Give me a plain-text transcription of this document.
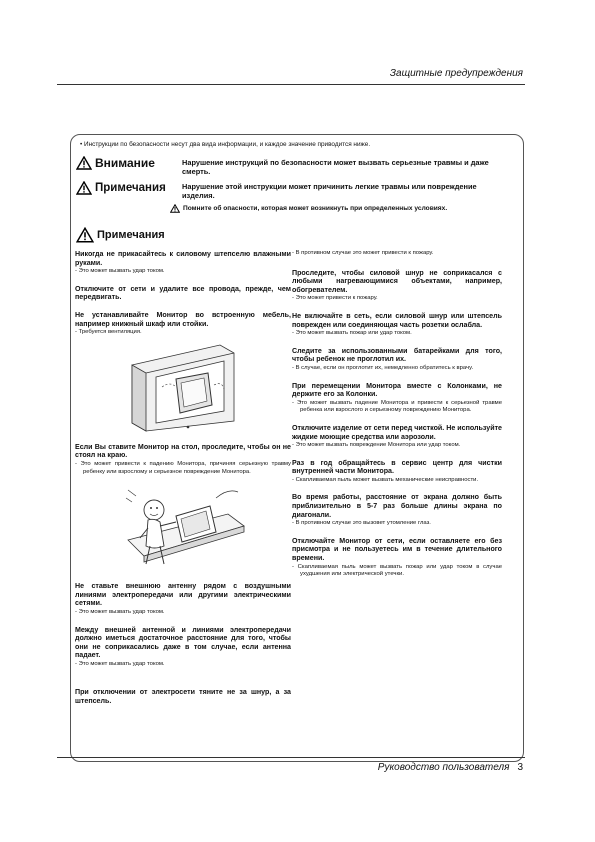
Защитные предупреждения
• Инструкции по безопасности несут два вида информации, и каждое значение приводится ниже.
Внимание	Нарушение инструкций по безопасности может вызвать серьезные травмы и даже смерть.
Примечания Нарушение этой инструкции может причинить легкие травмы или повреждение изделия.
Помните об опасности, которая может возникнуть при определенных условиях.
Примечания
Никогда не прикасайтесь к силовому штепселю влажными руками.

- Это может вызвать удар током.

Отключите от сети и удалите все провода, прежде, чем передвигать.
Не устанавливайте Монитор во встроенную мебель, например книжный шкаф или стойки.

- Требуется вентиляция.

Если Вы ставите Монитор на стол, проследите, чтобы он не стоял на краю.

- Это может привести к падению Монитора, причиняя серьезную травму ребенку или взрослому и серьезное повреждение Монитора.

Не ставьте внешнюю антенну рядом с воздушными линиями электропередачи или другими электрическими сетями.

- Это может вызвать удар током.

Между внешней антенной и линиями электропередачи должно иметься достаточное расстояние для того, чтобы они не соприкасались даже в том случае, если антенна падает.

- Это может вызвать удар током.

При отключении от электросети тяните не за шнур, а за штепсель.

- В противном случае это может привести к пожару.

Проследите, чтобы силовой шнур не соприкасался с любыми нагревающимися объектами, например, обогревателем.

- Это может привести к пожару.

Не включайте в сеть, если силовой шнур или штепсель поврежден или соединяющая часть розетки ослабла.

- Это может вызвать пожар или удар током.

Следите за использованными батарейками для того, чтобы ребенок не проглотил их.

- В случае, если он проглотит их, немедленно обратитесь к врачу.

При перемещении Монитора вместе с Колонками, не держите его за Колонки.

- Это может вызвать падение Монитора и привести к серьезной травме ребенка или взрослого и серьезному повреждению Монитора.

Отключите изделие от сети перед чисткой. Не используйте жидкие моющие средства или аэрозоли.

- Это может вызвать повреждение Монитора или удар током.

Раз в год обращайтесь в сервис центр для чистки внутренней части Монитора.

- Скапливаемая пыль может вызвать механические неисправности.

Во время работы, расстояние от экрана должно быть приблизительно в 5-7 раз больше длины экрана по диагонали.

- В противном случае это вызовет утомление глаз.

Отключайте Монитор от сети, если оставляете его без присмотра и не пользуетесь им в течение длительного времени.

- Скапливаемая пыль может вызвать пожар или удар током в случае ухудшения или электрической утечки.

Руководство пользователя 3
